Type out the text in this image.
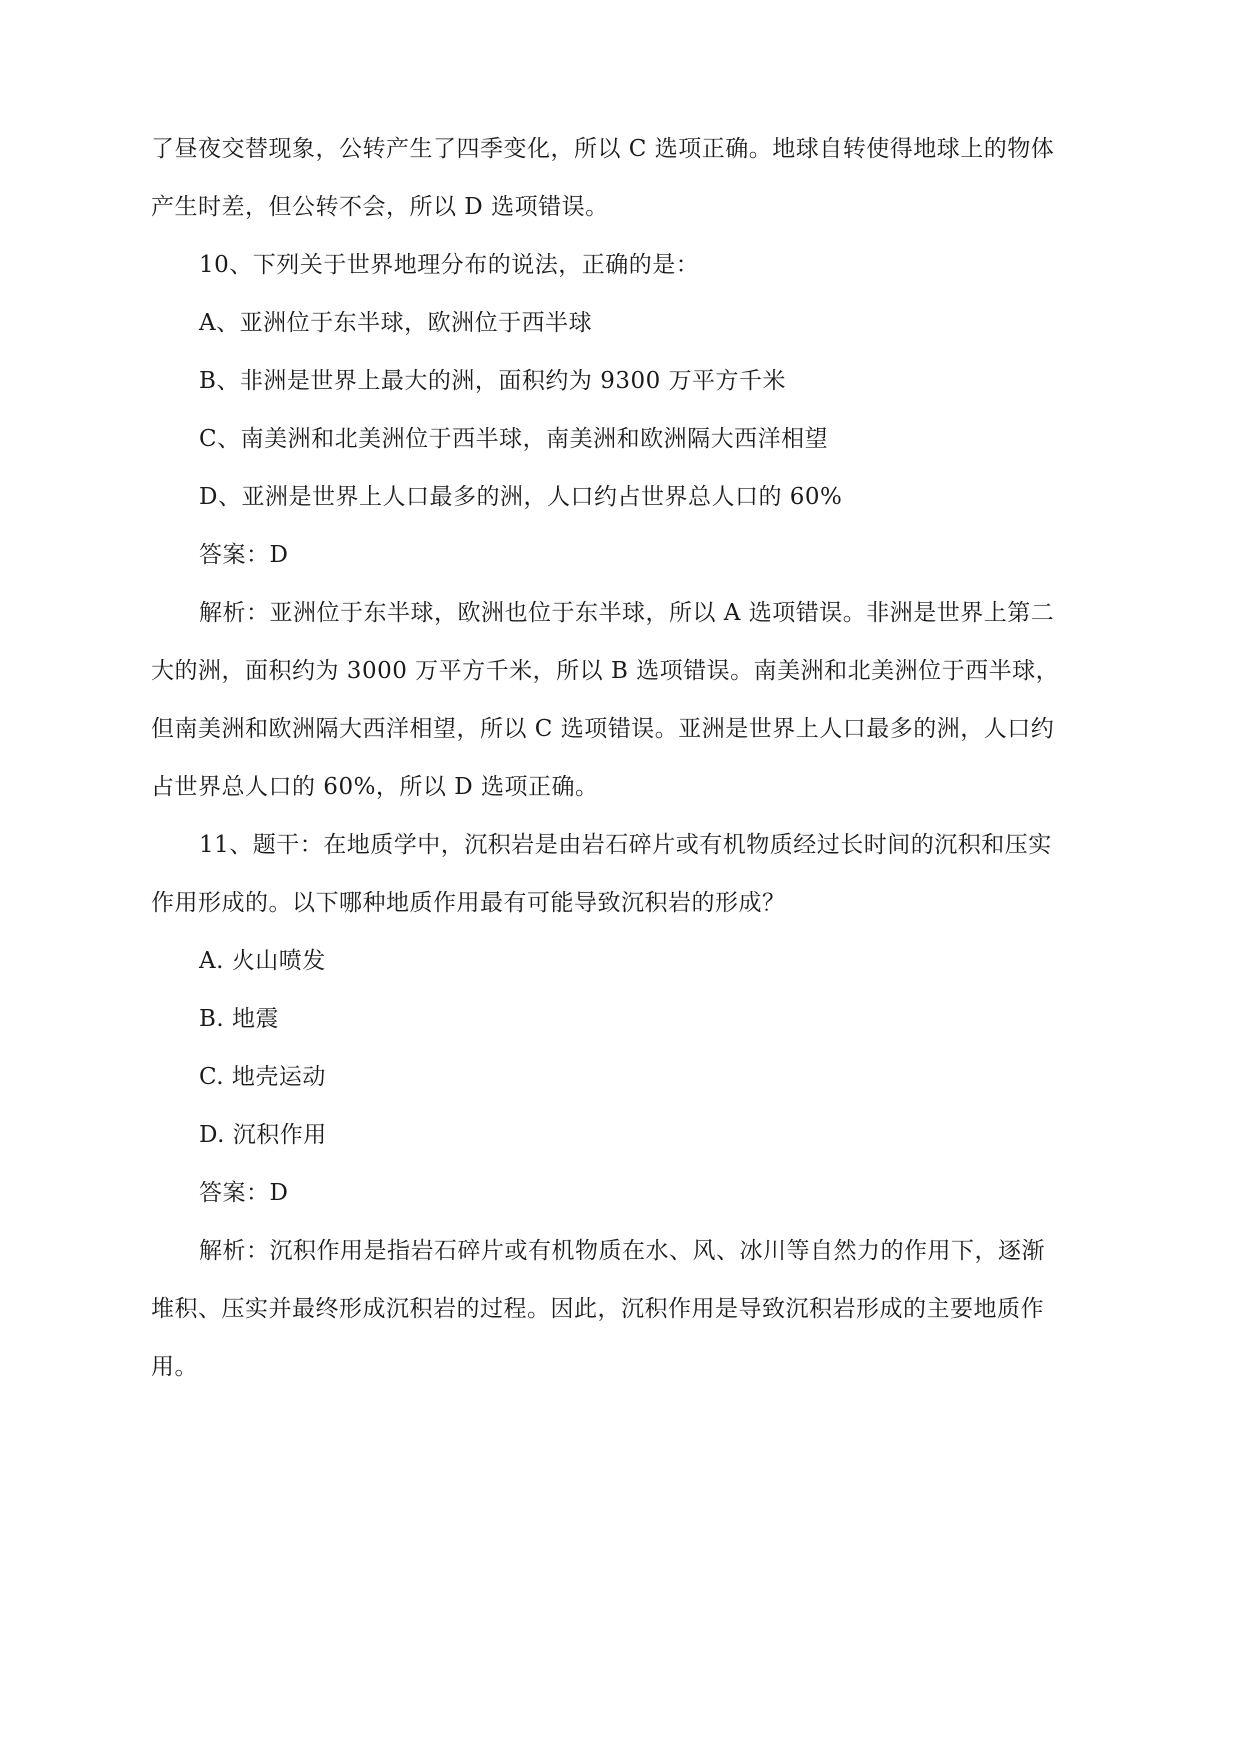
了昼夜交替现象，公转产生了四季变化，所以 C 选项正确。地球自转使得地球上的物体
产生时差，但公转不会，所以 D 选项错误。
10、下列关于世界地理分布的说法，正确的是：
A、亚洲位于东半球，欧洲位于西半球
B、非洲是世界上最大的洲，面积约为 9300 万平方千米
C、南美洲和北美洲位于西半球，南美洲和欧洲隔大西洋相望
D、亚洲是世界上人口最多的洲，人口约占世界总人口的 60%
答案：D
解析：亚洲位于东半球，欧洲也位于东半球，所以 A 选项错误。非洲是世界上第二
大的洲，面积约为 3000 万平方千米，所以 B 选项错误。南美洲和北美洲位于西半球，
但南美洲和欧洲隔大西洋相望，所以 C 选项错误。亚洲是世界上人口最多的洲，人口约
占世界总人口的 60%，所以 D 选项正确。
11、题干：在地质学中，沉积岩是由岩石碎片或有机物质经过长时间的沉积和压实
作用形成的。以下哪种地质作用最有可能导致沉积岩的形成？
A. 火山喷发
B. 地震
C. 地壳运动
D. 沉积作用
答案：D
解析：沉积作用是指岩石碎片或有机物质在水、风、冰川等自然力的作用下，逐渐
堆积、压实并最终形成沉积岩的过程。因此，沉积作用是导致沉积岩形成的主要地质作
用。
